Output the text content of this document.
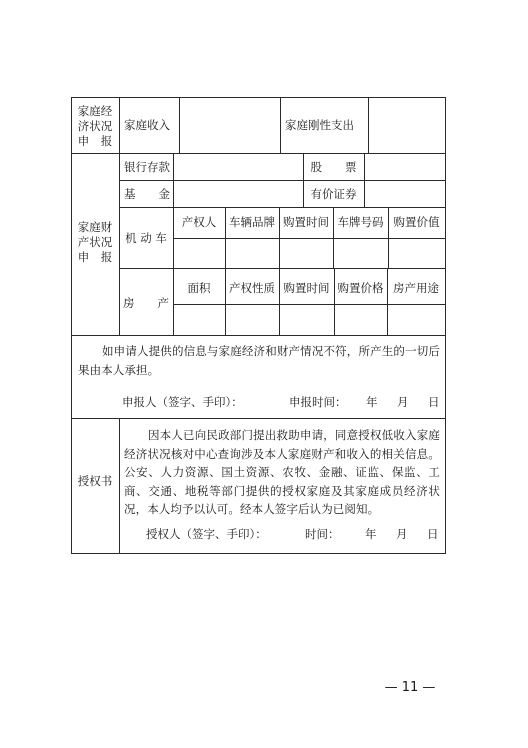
家庭经
济状况
申　报
家庭收入	家庭刚性支出
家庭财
产状况
申　报
银行存款	股　　票
基　　金	有价证券
机 动 车
产权人	车辆品牌 购置时间 车牌号码 购置价值
房　　产
面积	产权性质 购置时间 购置价格 房产用途
如申请人提供的信息与家庭经济和财产情况不符，所产生的一切后果由本人承担。
申报人（签字、手印）：	申报时间： 年 月 日
授权书
因本人已向民政部门提出救助申请，同意授权低收入家庭经济状况核对中心查询涉及本人家庭财产和收入的相关信息。公安、人力资源、国土资源、农牧、金融、证监、保监、工商、交通、地税等部门提供的授权家庭及其家庭成员经济状况，本人均予以认可。经本人签字后认为已阅知。
授权人（签字、手印）：	时间： 年 月 日
— 11 —
